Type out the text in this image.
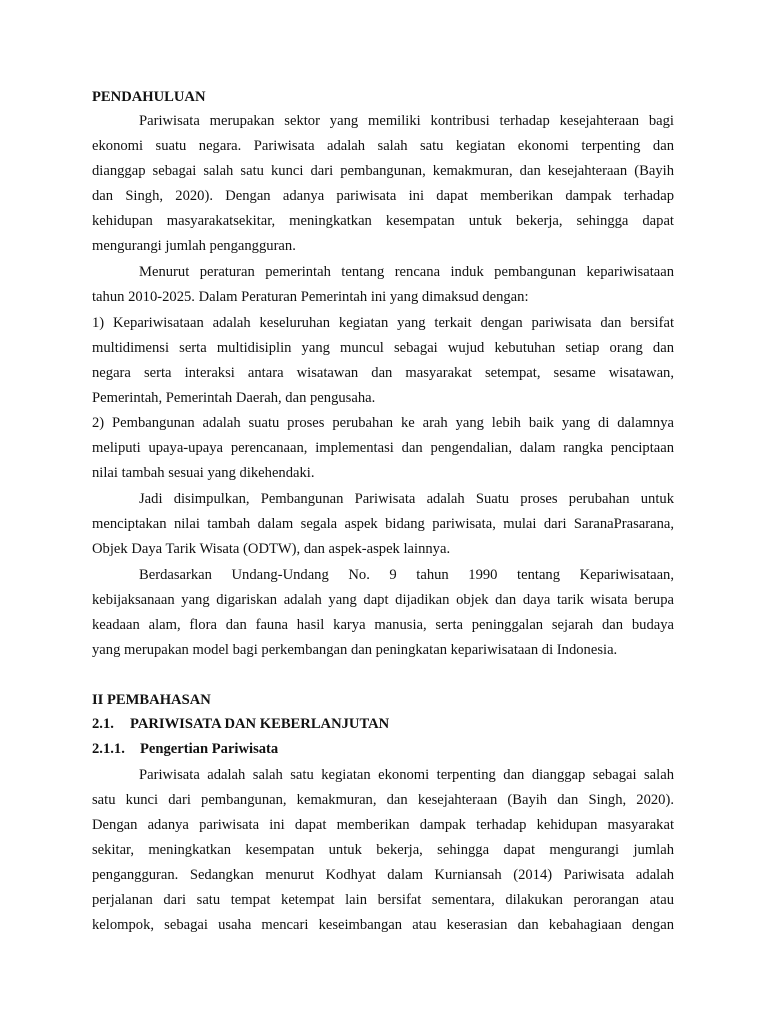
PENDAHULUAN
Pariwisata merupakan sektor yang memiliki kontribusi terhadap kesejahteraan bagi
ekonomi suatu negara. Pariwisata adalah salah satu kegiatan ekonomi terpenting dan
dianggap sebagai salah satu kunci dari pembangunan, kemakmuran, dan kesejahteraan (Bayih
dan Singh, 2020). Dengan adanya pariwisata ini dapat memberikan dampak terhadap
kehidupan masyarakatsekitar, meningkatkan kesempatan untuk bekerja, sehingga dapat
mengurangi jumlah pengangguran.
Menurut peraturan pemerintah tentang rencana induk pembangunan kepariwisataan
tahun 2010-2025. Dalam Peraturan Pemerintah ini yang dimaksud dengan:
1) Kepariwisataan adalah keseluruhan kegiatan yang terkait dengan pariwisata dan bersifat
multidimensi serta multidisiplin yang muncul sebagai wujud kebutuhan setiap orang dan
negara serta interaksi antara wisatawan dan masyarakat setempat, sesame wisatawan,
Pemerintah, Pemerintah Daerah, dan pengusaha.
2) Pembangunan adalah suatu proses perubahan ke arah yang lebih baik yang di dalamnya
meliputi upaya-upaya perencanaan, implementasi dan pengendalian, dalam rangka penciptaan
nilai tambah sesuai yang dikehendaki.
Jadi disimpulkan, Pembangunan Pariwisata adalah Suatu proses perubahan untuk
menciptakan nilai tambah dalam segala aspek bidang pariwisata, mulai dari SaranaPrasarana,
Objek Daya Tarik Wisata (ODTW), dan aspek-aspek lainnya.
Berdasarkan Undang-Undang No. 9 tahun 1990 tentang Kepariwisataan,
kebijaksanaan yang digariskan adalah yang dapt dijadikan objek dan daya tarik wisata berupa
keadaan alam, flora dan fauna hasil karya manusia, serta peninggalan sejarah dan budaya
yang merupakan model bagi perkembangan dan peningkatan kepariwisataan di Indonesia.
II PEMBAHASAN
2.1. PARIWISATA DAN KEBERLANJUTAN
2.1.1. Pengertian Pariwisata
Pariwisata adalah salah satu kegiatan ekonomi terpenting dan dianggap sebagai salah
satu kunci dari pembangunan, kemakmuran, dan kesejahteraan (Bayih dan Singh, 2020).
Dengan adanya pariwisata ini dapat memberikan dampak terhadap kehidupan masyarakat
sekitar, meningkatkan kesempatan untuk bekerja, sehingga dapat mengurangi jumlah
pengangguran. Sedangkan menurut Kodhyat dalam Kurniansah (2014) Pariwisata adalah
perjalanan dari satu tempat ketempat lain bersifat sementara, dilakukan perorangan atau
kelompok, sebagai usaha mencari keseimbangan atau keserasian dan kebahagiaan dengan
